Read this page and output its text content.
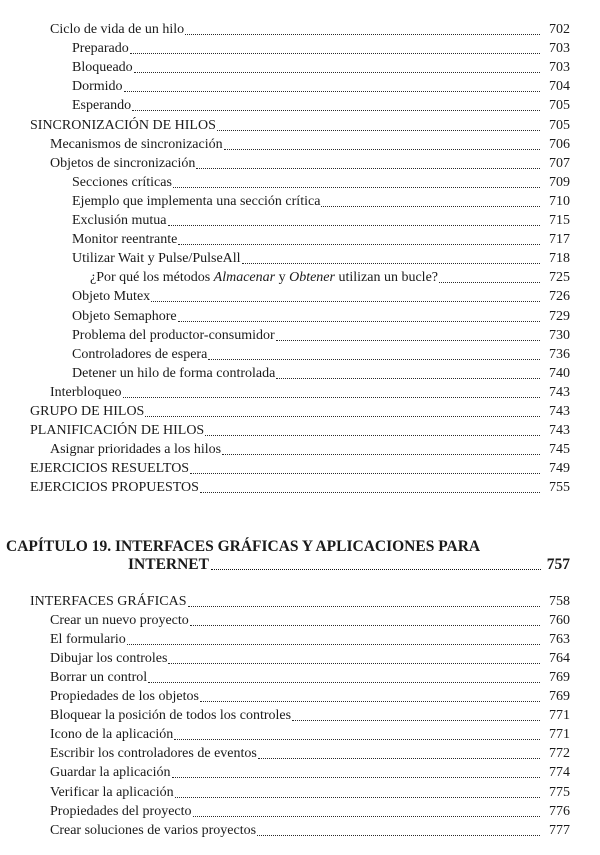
Ciclo de vida de un hilo	702
Preparado	703
Bloqueado	703
Dormido	704
Esperando	705
SINCRONIZACIÓN DE HILOS	705
Mecanismos de sincronización	706
Objetos de sincronización	707
Secciones críticas	709
Ejemplo que implementa una sección crítica	710
Exclusión mutua	715
Monitor reentrante	717
Utilizar Wait y Pulse/PulseAll	718
¿Por qué los métodos Almacenar y Obtener utilizan un bucle?	725
Objeto Mutex	726
Objeto Semaphore	729
Problema del productor-consumidor	730
Controladores de espera	736
Detener un hilo de forma controlada	740
Interbloqueo	743
GRUPO DE HILOS	743
PLANIFICACIÓN DE HILOS	743
Asignar prioridades a los hilos	745
EJERCICIOS RESUELTOS	749
EJERCICIOS PROPUESTOS	755
CAPÍTULO 19. INTERFACES GRÁFICAS Y APLICACIONES PARA
INTERNET	757
INTERFACES GRÁFICAS	758
Crear un nuevo proyecto	760
El formulario	763
Dibujar los controles	764
Borrar un control	769
Propiedades de los objetos	769
Bloquear la posición de todos los controles	771
Icono de la aplicación	771
Escribir los controladores de eventos	772
Guardar la aplicación	774
Verificar la aplicación	775
Propiedades del proyecto	776
Crear soluciones de varios proyectos	777
